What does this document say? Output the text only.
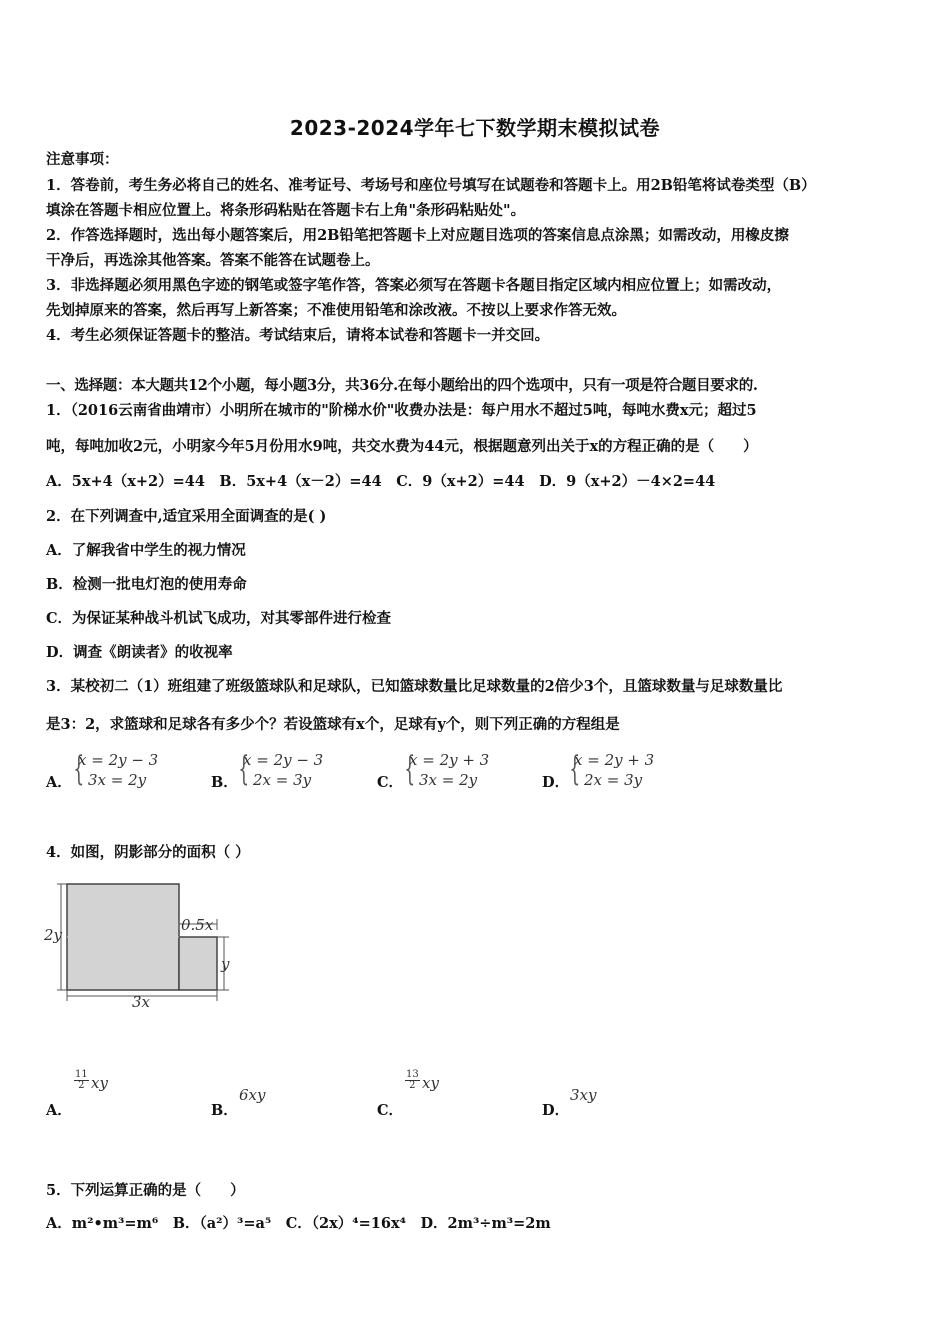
2023-2024学年七下数学期末模拟试卷
注意事项：
1．答卷前，考生务必将自己的姓名、准考证号、考场号和座位号填写在试题卷和答题卡上。用2B铅笔将试卷类型（B）
填涂在答题卡相应位置上。将条形码粘贴在答题卡右上角"条形码粘贴处"。
2．作答选择题时，选出每小题答案后，用2B铅笔把答题卡上对应题目选项的答案信息点涂黑；如需改动，用橡皮擦
干净后，再选涂其他答案。答案不能答在试题卷上。
3．非选择题必须用黑色字迹的钢笔或签字笔作答，答案必须写在答题卡各题目指定区域内相应位置上；如需改动，
先划掉原来的答案，然后再写上新答案；不准使用铅笔和涂改液。不按以上要求作答无效。
4．考生必须保证答题卡的整洁。考试结束后，请将本试卷和答题卡一并交回。
一、选择题：本大题共12个小题，每小题3分，共36分.在每小题给出的四个选项中，只有一项是符合题目要求的.
1．（2016云南省曲靖市）小明所在城市的"阶梯水价"收费办法是：每户用水不超过5吨，每吨水费x元；超过5
吨，每吨加收2元，小明家今年5月份用水9吨，共交水费为44元，根据题意列出关于x的方程正确的是（　　）
A．5x+4（x+2）=44　B．5x+4（x－2）=44　C．9（x+2）=44　D．9（x+2）－4×2=44
2．在下列调查中,适宜采用全面调查的是( )
A．了解我省中学生的视力情况
B．检测一批电灯泡的使用寿命
C．为保证某种战斗机试飞成功，对其零部件进行检查
D．调查《朗读者》的收视率
3．某校初二（1）班组建了班级篮球队和足球队，已知篮球数量比足球数量的2倍少3个，且篮球数量与足球数量比
是3：2，求篮球和足球各有多少个？若设篮球有x个，足球有y个，则下列正确的方程组是
A． {
x = 2y − 3
3x = 2y	B． {
x = 2y − 3
2x = 3y	C． {
x = 2y + 3
3x = 2y	D． {
x = 2y + 3
2x = 3y
4．如图，阴影部分的面积（ ）
2y
0.5x
y
3x
A．
$\frac{11}{2}$ xy
B．
6xy
C．
$\frac{13}{2}$ xy
D．
3xy
5．下列运算正确的是（　　）
A．m²•m³=m⁶　B．（a²）³=a⁵　C．（2x）⁴=16x⁴　D．2m³÷m³=2m
